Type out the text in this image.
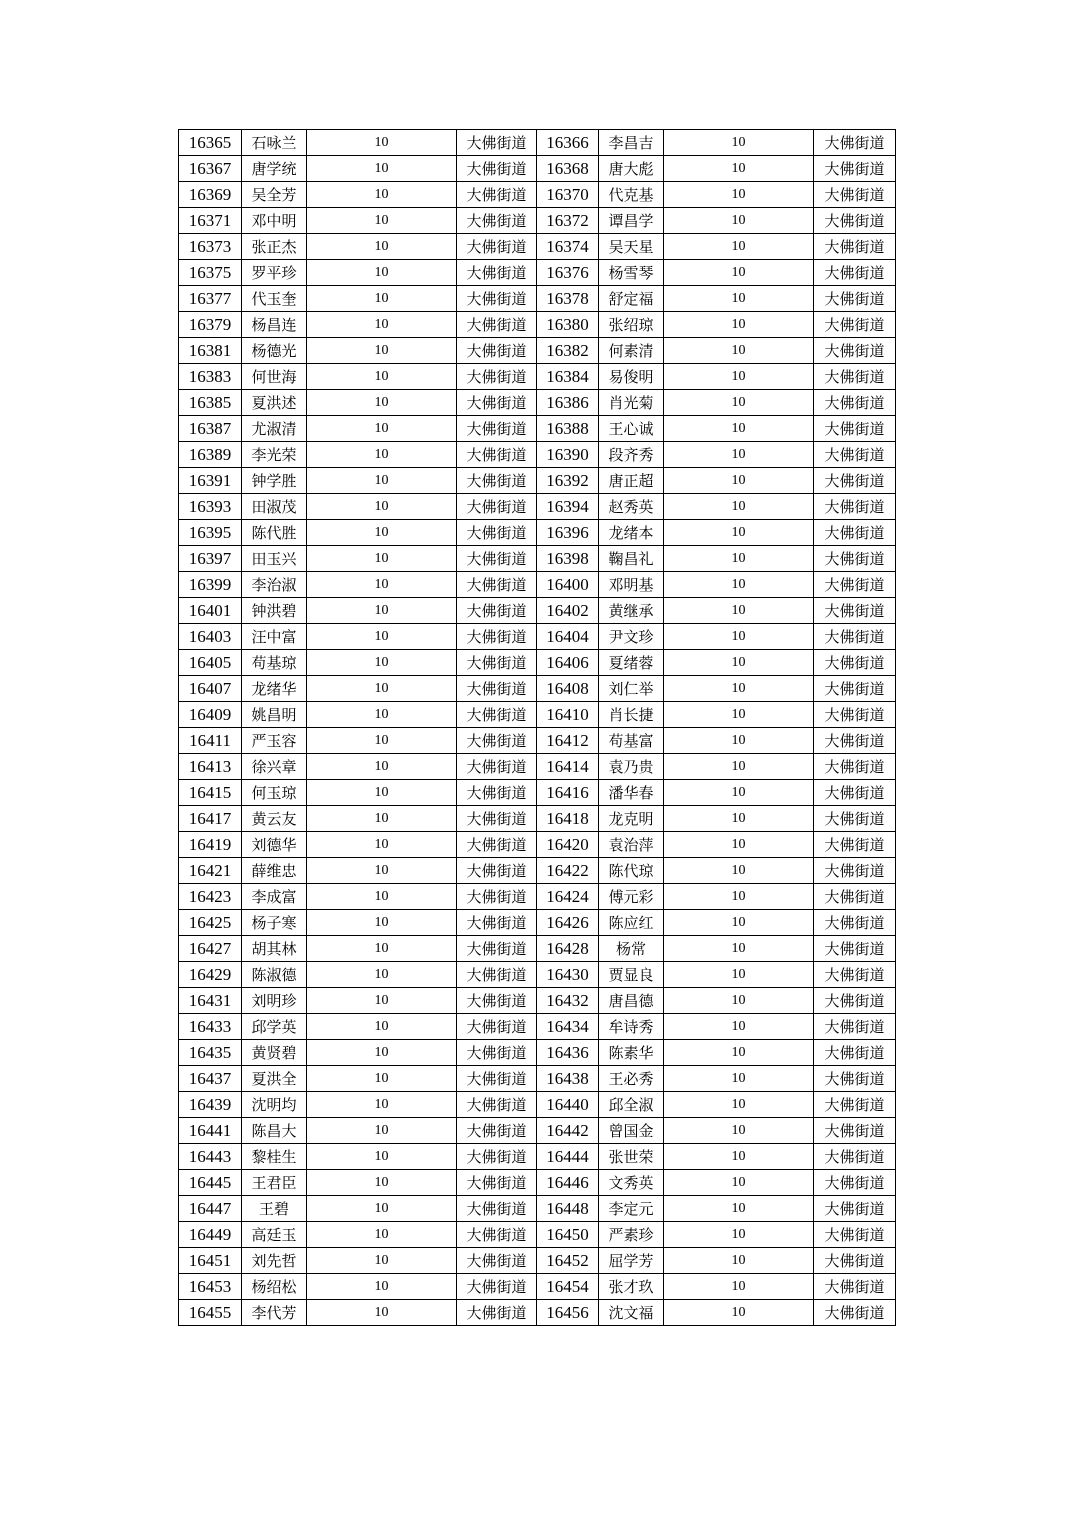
16365	石咏兰	10	大佛街道	16366	李昌吉	10	大佛街道
16367	唐学统	10	大佛街道	16368	唐大彪	10	大佛街道
16369	吴全芳	10	大佛街道	16370	代克基	10	大佛街道
16371	邓中明	10	大佛街道	16372	谭昌学	10	大佛街道
16373	张正杰	10	大佛街道	16374	吴天星	10	大佛街道
16375	罗平珍	10	大佛街道	16376	杨雪琴	10	大佛街道
16377	代玉奎	10	大佛街道	16378	舒定福	10	大佛街道
16379	杨昌连	10	大佛街道	16380	张绍琼	10	大佛街道
16381	杨德光	10	大佛街道	16382	何素清	10	大佛街道
16383	何世海	10	大佛街道	16384	易俊明	10	大佛街道
16385	夏洪述	10	大佛街道	16386	肖光菊	10	大佛街道
16387	尤淑清	10	大佛街道	16388	王心诚	10	大佛街道
16389	李光荣	10	大佛街道	16390	段齐秀	10	大佛街道
16391	钟学胜	10	大佛街道	16392	唐正超	10	大佛街道
16393	田淑茂	10	大佛街道	16394	赵秀英	10	大佛街道
16395	陈代胜	10	大佛街道	16396	龙绪本	10	大佛街道
16397	田玉兴	10	大佛街道	16398	鞠昌礼	10	大佛街道
16399	李治淑	10	大佛街道	16400	邓明基	10	大佛街道
16401	钟洪碧	10	大佛街道	16402	黄继承	10	大佛街道
16403	汪中富	10	大佛街道	16404	尹文珍	10	大佛街道
16405	苟基琼	10	大佛街道	16406	夏绪蓉	10	大佛街道
16407	龙绪华	10	大佛街道	16408	刘仁举	10	大佛街道
16409	姚昌明	10	大佛街道	16410	肖长捷	10	大佛街道
16411	严玉容	10	大佛街道	16412	苟基富	10	大佛街道
16413	徐兴章	10	大佛街道	16414	袁乃贵	10	大佛街道
16415	何玉琼	10	大佛街道	16416	潘华春	10	大佛街道
16417	黄云友	10	大佛街道	16418	龙克明	10	大佛街道
16419	刘德华	10	大佛街道	16420	袁治萍	10	大佛街道
16421	薛维忠	10	大佛街道	16422	陈代琼	10	大佛街道
16423	李成富	10	大佛街道	16424	傅元彩	10	大佛街道
16425	杨子寒	10	大佛街道	16426	陈应红	10	大佛街道
16427	胡其林	10	大佛街道	16428	杨常	10	大佛街道
16429	陈淑德	10	大佛街道	16430	贾显良	10	大佛街道
16431	刘明珍	10	大佛街道	16432	唐昌德	10	大佛街道
16433	邱学英	10	大佛街道	16434	牟诗秀	10	大佛街道
16435	黄贤碧	10	大佛街道	16436	陈素华	10	大佛街道
16437	夏洪全	10	大佛街道	16438	王必秀	10	大佛街道
16439	沈明均	10	大佛街道	16440	邱全淑	10	大佛街道
16441	陈昌大	10	大佛街道	16442	曾国金	10	大佛街道
16443	黎桂生	10	大佛街道	16444	张世荣	10	大佛街道
16445	王君臣	10	大佛街道	16446	文秀英	10	大佛街道
16447	王碧	10	大佛街道	16448	李定元	10	大佛街道
16449	高廷玉	10	大佛街道	16450	严素珍	10	大佛街道
16451	刘先哲	10	大佛街道	16452	屈学芳	10	大佛街道
16453	杨绍松	10	大佛街道	16454	张才玖	10	大佛街道
16455	李代芳	10	大佛街道	16456	沈文福	10	大佛街道
